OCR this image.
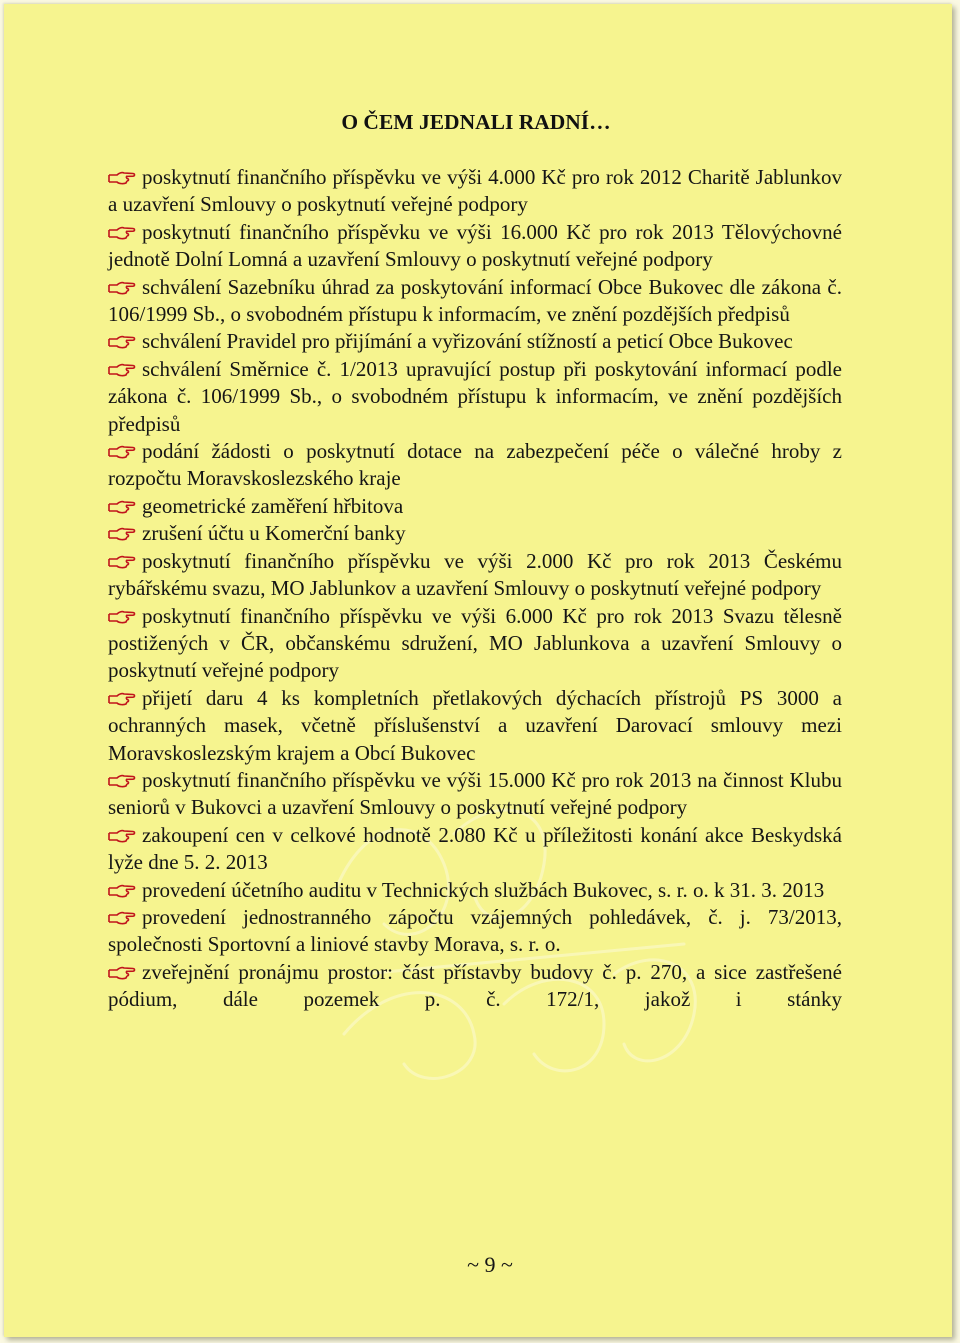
O ČEM JEDNALI RADNÍ…

poskytnutí finančního příspěvku ve výši 4.000 Kč pro rok 2012 Charitě Jablunkov a uzavření Smlouvy o poskytnutí veřejné podpory

poskytnutí finančního příspěvku ve výši 16.000 Kč pro rok 2013 Tělovýchovné jednotě Dolní Lomná a uzavření Smlouvy o poskytnutí veřejné podpory

schválení Sazebníku úhrad za poskytování informací Obce Bukovec dle zákona č. 106/1999 Sb., o svobodném přístupu k informacím, ve znění pozdějších předpisů

schválení Pravidel pro přijímání a vyřizování stížností a peticí Obce Bukovec

schválení Směrnice č. 1/2013 upravující postup při poskytování informací podle zákona č. 106/1999 Sb., o svobodném přístupu k informacím, ve znění pozdějších předpisů

podání žádosti o poskytnutí dotace na zabezpečení péče o válečné hroby z rozpočtu Moravskoslezského kraje

geometrické zaměření hřbitova

zrušení účtu u Komerční banky

poskytnutí finančního příspěvku ve výši 2.000 Kč pro rok 2013 Českému rybářskému svazu, MO Jablunkov a uzavření Smlouvy o poskytnutí veřejné podpory

poskytnutí finančního příspěvku ve výši 6.000 Kč pro rok 2013 Svazu tělesně postižených v ČR, občanskému sdružení, MO Jablunkova a uzavření Smlouvy o poskytnutí veřejné podpory

přijetí daru 4 ks kompletních přetlakových dýchacích přístrojů PS 3000 a ochranných masek, včetně příslušenství a uzavření Darovací smlouvy mezi Moravskoslezským krajem a Obcí Bukovec

poskytnutí finančního příspěvku ve výši 15.000 Kč pro rok 2013 na činnost Klubu seniorů v Bukovci a uzavření Smlouvy o poskytnutí veřejné podpory

zakoupení cen v celkové hodnotě 2.080 Kč u příležitosti konání akce Beskydská lyže dne 5. 2. 2013

provedení účetního auditu v Technických službách Bukovec, s. r. o. k 31. 3. 2013

provedení jednostranného zápočtu vzájemných pohledávek, č. j. 73/2013, společnosti Sportovní a liniové stavby Morava, s. r. o.

zveřejnění pronájmu prostor: část přístavby budovy č. p. 270, a sice zastřešené pódium, dále pozemek p. č. 172/1, jakož i stánky

~ 9 ~
